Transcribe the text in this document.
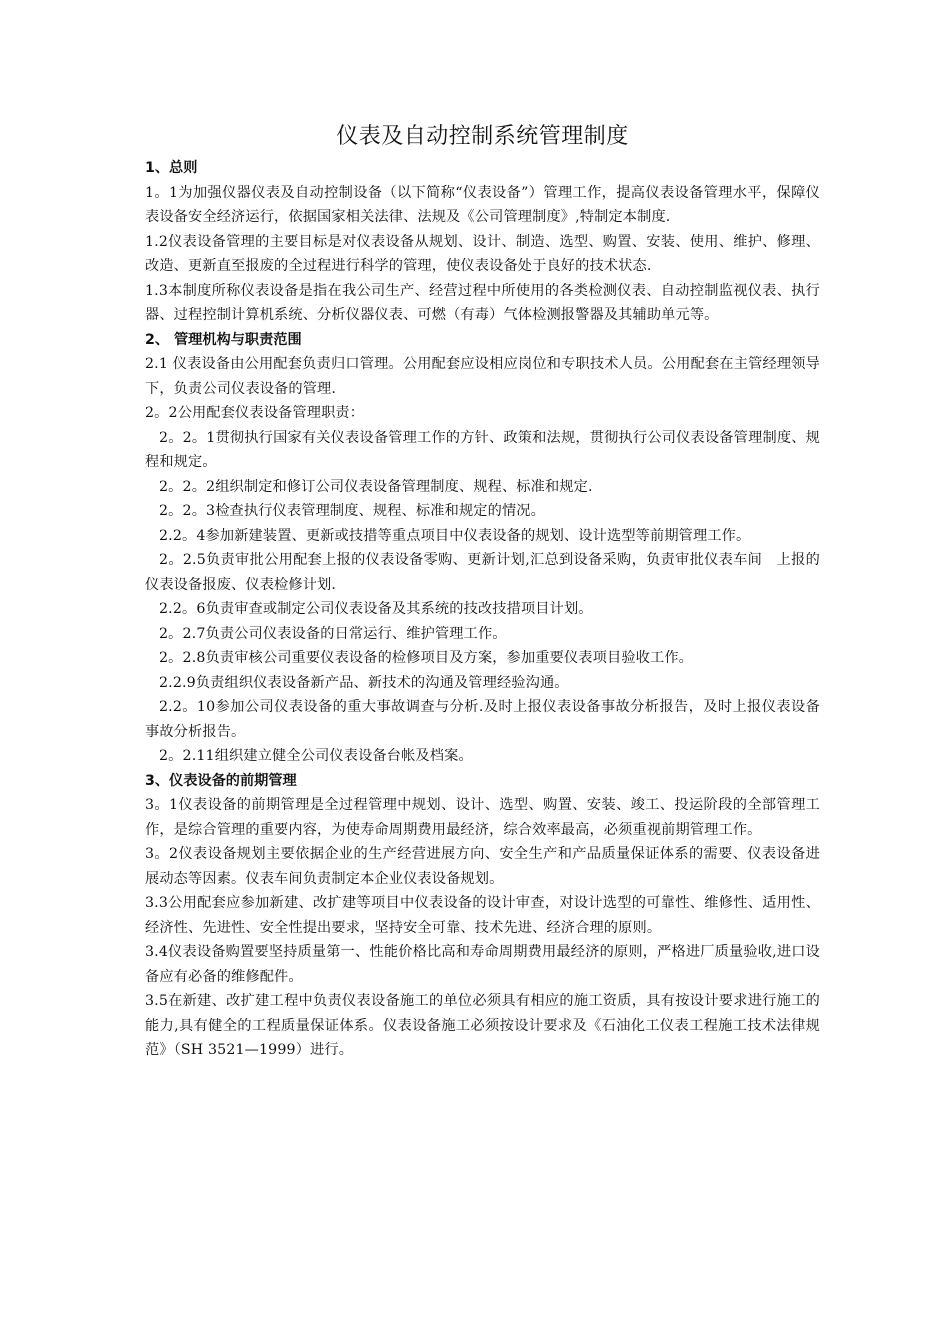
仪表及自动控制系统管理制度

1、总则

1。1为加强仪器仪表及自动控制设备（以下简称“仪表设备”）管理工作，提高仪表设备管理水平，保障仪表设备安全经济运行，依据国家相关法律、法规及《公司管理制度》,特制定本制度.

1.2仪表设备管理的主要目标是对仪表设备从规划、设计、制造、选型、购置、安装、使用、维护、修理、改造、更新直至报废的全过程进行科学的管理，使仪表设备处于良好的技术状态.

1.3本制度所称仪表设备是指在我公司生产、经营过程中所使用的各类检测仪表、自动控制监视仪表、执行器、过程控制计算机系统、分析仪器仪表、可燃（有毒）气体检测报警器及其辅助单元等。

2、 管理机构与职责范围

2.1 仪表设备由公用配套负责归口管理。公用配套应设相应岗位和专职技术人员。公用配套在主管经理领导下，负责公司仪表设备的管理.

2。2公用配套仪表设备管理职责：

2。2。1贯彻执行国家有关仪表设备管理工作的方针、政策和法规，贯彻执行公司仪表设备管理制度、规程和规定。

2。2。2组织制定和修订公司仪表设备管理制度、规程、标准和规定.

2。2。3检查执行仪表管理制度、规程、标准和规定的情况。

2.2。4参加新建装置、更新或技措等重点项目中仪表设备的规划、设计选型等前期管理工作。

2。2.5负责审批公用配套上报的仪表设备零购、更新计划,汇总到设备采购，负责审批仪表车间　上报的仪表设备报废、仪表检修计划.

2.2。6负责审查或制定公司仪表设备及其系统的技改技措项目计划。

2。2.7负责公司仪表设备的日常运行、维护管理工作。

2。2.8负责审核公司重要仪表设备的检修项目及方案，参加重要仪表项目验收工作。

2.2.9负责组织仪表设备新产品、新技术的沟通及管理经验沟通。

2.2。10参加公司仪表设备的重大事故调查与分析.及时上报仪表设备事故分析报告，及时上报仪表设备事故分析报告。

2。2.11组织建立健全公司仪表设备台帐及档案。

3、仪表设备的前期管理

3。1仪表设备的前期管理是全过程管理中规划、设计、选型、购置、安装、竣工、投运阶段的全部管理工作，是综合管理的重要内容，为使寿命周期费用最经济，综合效率最高，必须重视前期管理工作。

3。2仪表设备规划主要依据企业的生产经营进展方向、安全生产和产品质量保证体系的需要、仪表设备进展动态等因素。仪表车间负责制定本企业仪表设备规划。

3.3公用配套应参加新建、改扩建等项目中仪表设备的设计审查，对设计选型的可靠性、维修性、适用性、经济性、先进性、安全性提出要求，坚持安全可靠、技术先进、经济合理的原则。

3.4仪表设备购置要坚持质量第一、性能价格比高和寿命周期费用最经济的原则，严格进厂质量验收,进口设备应有必备的维修配件。

3.5在新建、改扩建工程中负责仪表设备施工的单位必须具有相应的施工资质，具有按设计要求进行施工的能力,具有健全的工程质量保证体系。仪表设备施工必须按设计要求及《石油化工仪表工程施工技术法律规范》（SH 3521—1999）进行。
